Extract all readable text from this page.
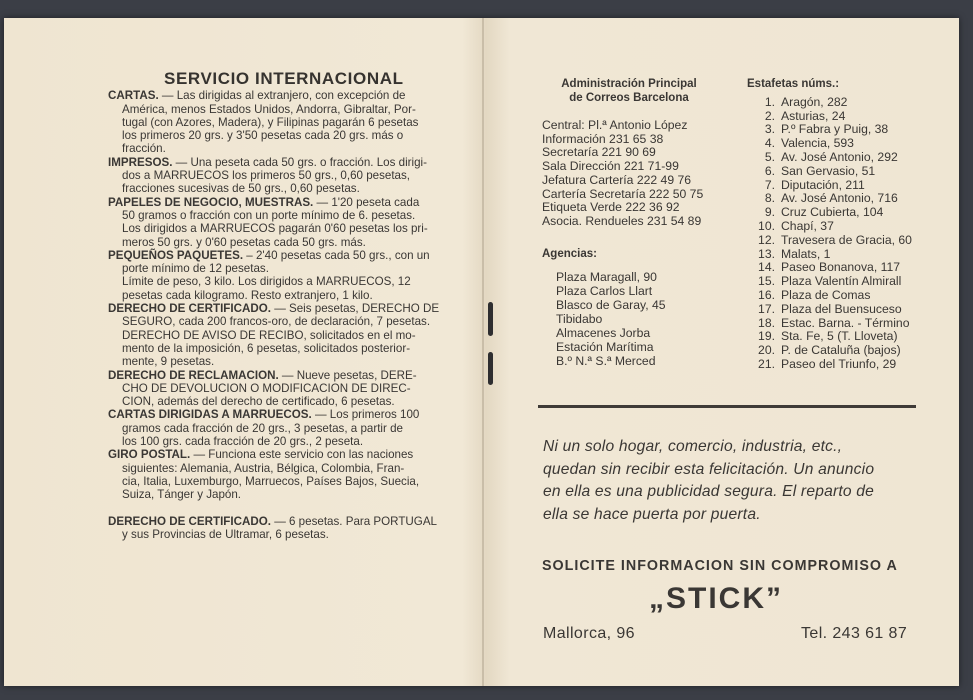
SERVICIO INTERNACIONAL
CARTAS. — Las dirigidas al extranjero, con excepción de
América, menos Estados Unidos, Andorra, Gibraltar, Por-
tugal (con Azores, Madera), y Filipinas pagarán 6 pesetas
los primeros 20 grs. y 3'50 pesetas cada 20 grs. más o
fracción.
IMPRESOS. — Una peseta cada 50 grs. o fracción. Los dirigi-
dos a MARRUECOS los primeros 50 grs., 0,60 pesetas,
fracciones sucesivas de 50 grs., 0,60 pesetas.
PAPELES DE NEGOCIO, MUESTRAS. — 1'20 peseta cada
50 gramos o fracción con un porte mínimo de 6. pesetas.
Los dirigidos a MARRUECOS pagarán 0'60 pesetas los pri-
meros 50 grs. y 0'60 pesetas cada 50 grs. más.
PEQUEÑOS PAQUETES. – 2'40 pesetas cada 50 grs., con un
porte mínimo de 12 pesetas.
Límite de peso, 3 kilo. Los dirigidos a MARRUECOS, 12
pesetas cada kilogramo. Resto extranjero, 1 kilo.
DERECHO DE CERTIFICADO. — Seis pesetas, DERECHO DE
SEGURO, cada 200 francos-oro, de declaración, 7 pesetas.
DERECHO DE AVISO DE RECIBO, solicitados en el mo-
mento de la imposición, 6 pesetas, solicitados posterior-
mente, 9 pesetas.
DERECHO DE RECLAMACION. — Nueve pesetas, DERE-
CHO DE DEVOLUCION O MODIFICACION DE DIREC-
CION, además del derecho de certificado, 6 pesetas.
CARTAS DIRIGIDAS A MARRUECOS. — Los primeros 100
gramos cada fracción de 20 grs., 3 pesetas, a partir de
los 100 grs. cada fracción de 20 grs., 2 peseta.
GIRO POSTAL. — Funciona este servicio con las naciones
siguientes: Alemania, Austria, Bélgica, Colombia, Fran-
cia, Italia, Luxemburgo, Marruecos, Países Bajos, Suecia,
Suiza, Tánger y Japón.
DERECHO DE CERTIFICADO. — 6 pesetas. Para PORTUGAL
y sus Provincias de Ultramar, 6 pesetas.
Administración Principal
de Correos Barcelona
Central: Pl.ª Antonio López
Información 231 65 38
Secretaría 221 90 69
Sala Dirección 221 71-99
Jefatura Cartería 222 49 76
Cartería Secretaría 222 50 75
Etiqueta Verde 222 36 92
Asocia. Rendueles 231 54 89
Agencias:
Plaza Maragall, 90
Plaza Carlos Llart
Blasco de Garay, 45
Tibidabo
Almacenes Jorba
Estación Marítima
B.º N.ª S.ª Merced
Estafetas núms.:
1. Aragón, 282
2. Asturias, 24
3. P.º Fabra y Puig, 38
4. Valencia, 593
5. Av. José Antonio, 292
6. San Gervasio, 51
7. Diputación, 211
8. Av. José Antonio, 716
9. Cruz Cubierta, 104
10. Chapí, 37
12. Travesera de Gracia, 60
13. Malats, 1
14. Paseo Bonanova, 117
15. Plaza Valentín Almirall
16. Plaza de Comas
17. Plaza del Buensuceso
18. Estac. Barna. - Término
19. Sta. Fe, 5 (T. Lloveta)
20. P. de Cataluña (bajos)
21. Paseo del Triunfo, 29
Ni un solo hogar, comercio, industria, etc.,
quedan sin recibir esta felicitación. Un anuncio
en ella es una publicidad segura. El reparto de
ella se hace puerta por puerta.
SOLICITE INFORMACION SIN COMPROMISO A
„STICK”
Mallorca, 96	Tel. 243 61 87
